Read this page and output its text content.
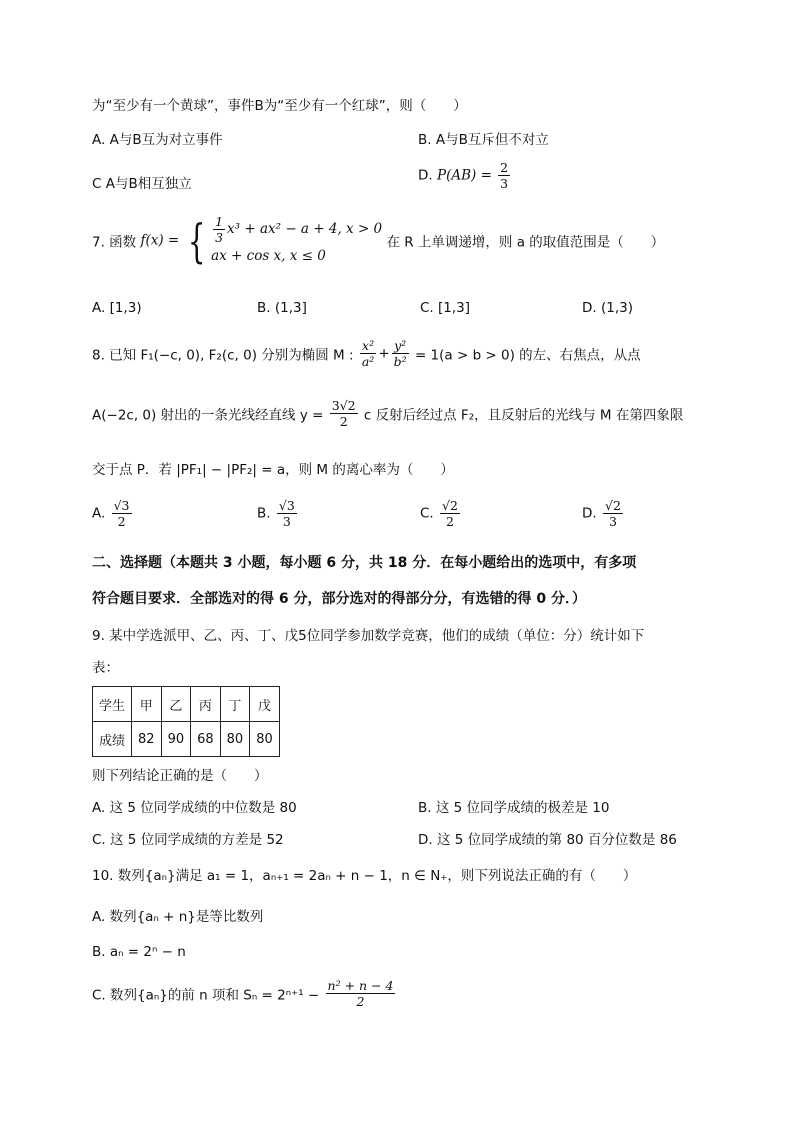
为“至少有一个黄球”，事件B为“至少有一个红球”，则（　　）
A. A与B互为对立事件	B. A与B互斥但不对立
C A与B相互独立
D. $P(AB) = \frac{2}{3}$
7. 函数 f(x) = { $\frac{1}{3} x^3 + ax^2 - a + 4$, x > 0
ax + cos x, x ≤ 0
在 R 上单调递增，则 a 的取值范围是（　　）
A. [1,3)	B. (1,3]	C. [1,3]	D. (1,3)
8. 已知 F₁(−c, 0), F₂(c, 0) 分别为椭圆 M : $\frac{\text{x²}}{\text{a²}} + \frac{\text{y²}}{\text{b²}} = 1(a > b > 0)$ 的左、右焦点，从点
A(−2c, 0) 射出的一条光线经直线 $y = \frac{3√2}{2}$ c 反射后经过点 F₂，且反射后的光线与 M 在第四象限
交于点 P．若 |PF₁| − |PF₂| = a，则 M 的离心率为（　　）
A. $\frac{√3}{2}$	B. $\frac{√3}{3}$	C. $\frac{√2}{2}$	D. $\frac{√2}{3}$
二、选择题（本题共 3 小题，每小题 6 分，共 18 分．在每小题给出的选项中，有多项
符合题目要求．全部选对的得 6 分，部分选对的得部分分，有选错的得 0 分．）
9. 某中学选派甲、乙、丙、丁、戊5位同学参加数学竞赛，他们的成绩（单位：分）统计如下
表：
学生	甲	乙	丙	丁	戊
成绩	82	90	68	80	80
则下列结论正确的是（　　）
A. 这 5 位同学成绩的中位数是 80	B. 这 5 位同学成绩的极差是 10
C. 这 5 位同学成绩的方差是 52	D. 这 5 位同学成绩的第 80 百分位数是 86
10. 数列{aₙ}满足 a₁ = 1，aₙ₊₁ = 2aₙ + n − 1，n ∈ N₊，则下列说法正确的有（　　）
A. 数列{aₙ + n}是等比数列
B. aₙ = 2ⁿ − n
C. 数列{aₙ}的前 n 项和 $S_n = 2^{n+1} - \frac{\text{n² + n − 4}}{2}$
